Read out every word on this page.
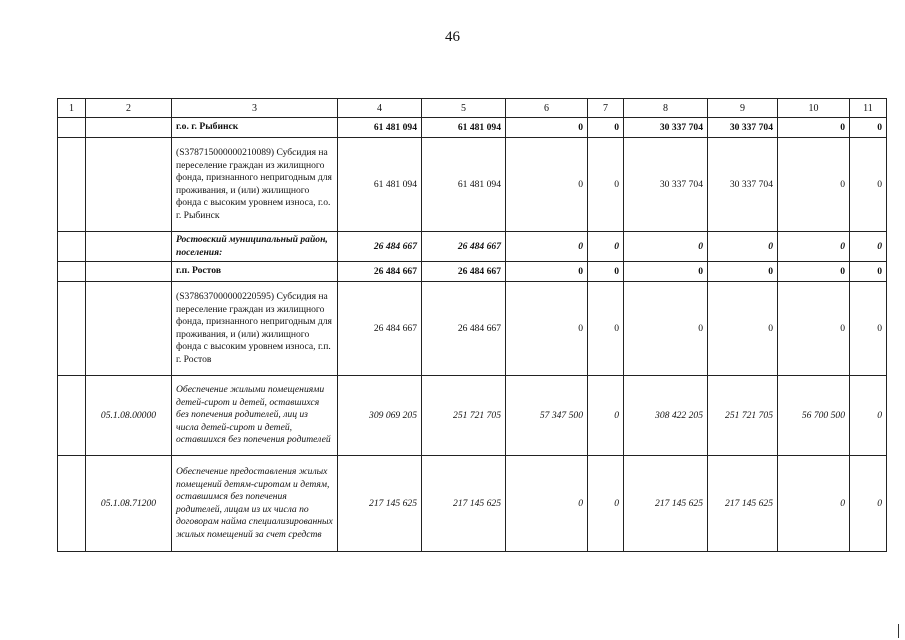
46
1	2	3	4	5	6	7	8	9	10	11
		г.о. г. Рыбинск	61 481 094	61 481 094	0	0	30 337 704	30 337 704	0	0
		(S378715000000210089) Субсидия на переселение граждан из жилищного фонда, признанного непригодным для проживания, и (или) жилищного фонда с высоким уровнем износа, г.о. г. Рыбинск	61 481 094	61 481 094	0	0	30 337 704	30 337 704	0	0
		Ростовский муниципальный район, поселения:	26 484 667	26 484 667	0	0	0	0	0	0
		г.п. Ростов	26 484 667	26 484 667	0	0	0	0	0	0
		(S378637000000220595) Субсидия на переселение граждан из жилищного фонда, признанного непригодным для проживания, и (или) жилищного фонда с высоким уровнем износа, г.п. г. Ростов	26 484 667	26 484 667	0	0	0	0	0	0
	05.1.08.00000	Обеспечение жилыми помещениями детей-сирот и детей, оставшихся без попечения родителей, лиц из числа детей-сирот и детей, оставшихся без попечения родителей	309 069 205	251 721 705	57 347 500	0	308 422 205	251 721 705	56 700 500	0
	05.1.08.71200	Обеспечение предоставления жилых помещений детям-сиротам и детям, оставшимся без попечения родителей, лицам из их числа по договорам найма специализированных жилых помещений за счет средств	217 145 625	217 145 625	0	0	217 145 625	217 145 625	0	0
